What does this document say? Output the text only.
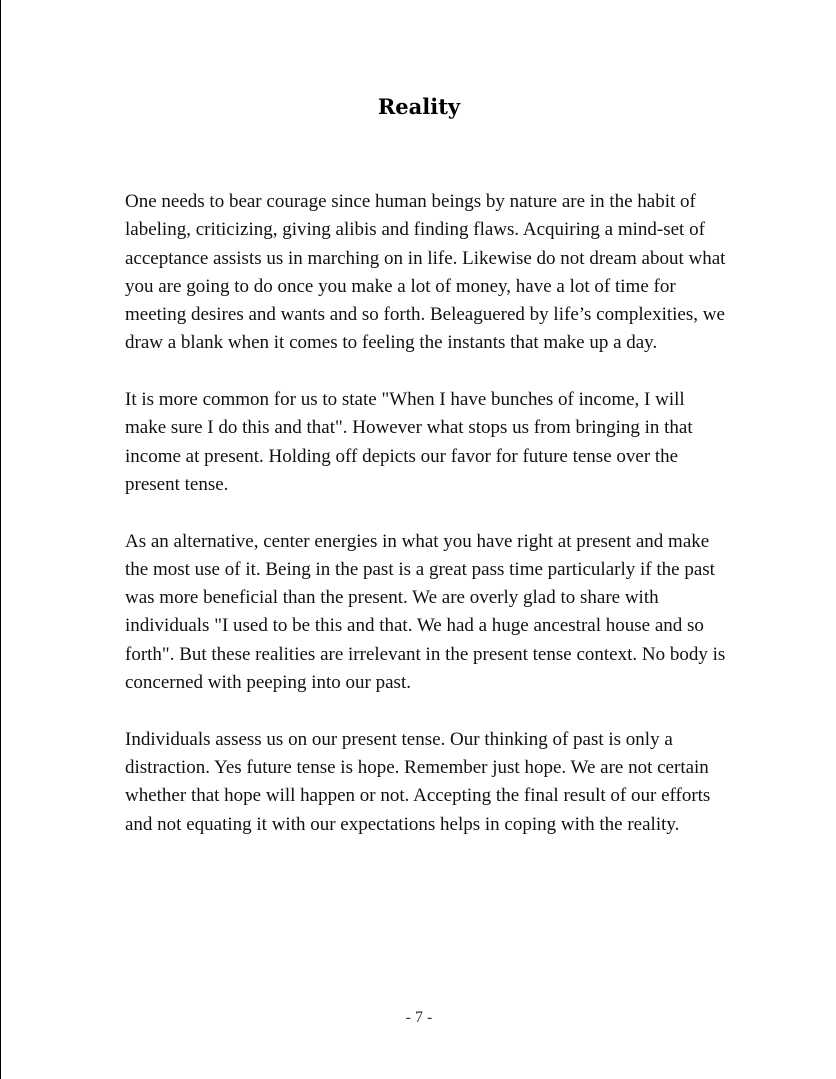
Reality

One needs to bear courage since human beings by nature are in the habit of labeling, criticizing, giving alibis and finding flaws. Acquiring a mind-set of acceptance assists us in marching on in life. Likewise do not dream about what you are going to do once you make a lot of money, have a lot of time for meeting desires and wants and so forth. Beleaguered by life’s complexities, we draw a blank when it comes to feeling the instants that make up a day.

It is more common for us to state "When I have bunches of income, I will make sure I do this and that". However what stops us from bringing in that income at present. Holding off depicts our favor for future tense over the present tense.

As an alternative, center energies in what you have right at present and make the most use of it. Being in the past is a great pass time particularly if the past was more beneficial than the present. We are overly glad to share with individuals "I used to be this and that. We had a huge ancestral house and so forth". But these realities are irrelevant in the present tense context. No body is concerned with peeping into our past.

Individuals assess us on our present tense. Our thinking of past is only a distraction. Yes future tense is hope. Remember just hope. We are not certain whether that hope will happen or not. Accepting the final result of our efforts and not equating it with our expectations helps in coping with the reality.

- 7 -
